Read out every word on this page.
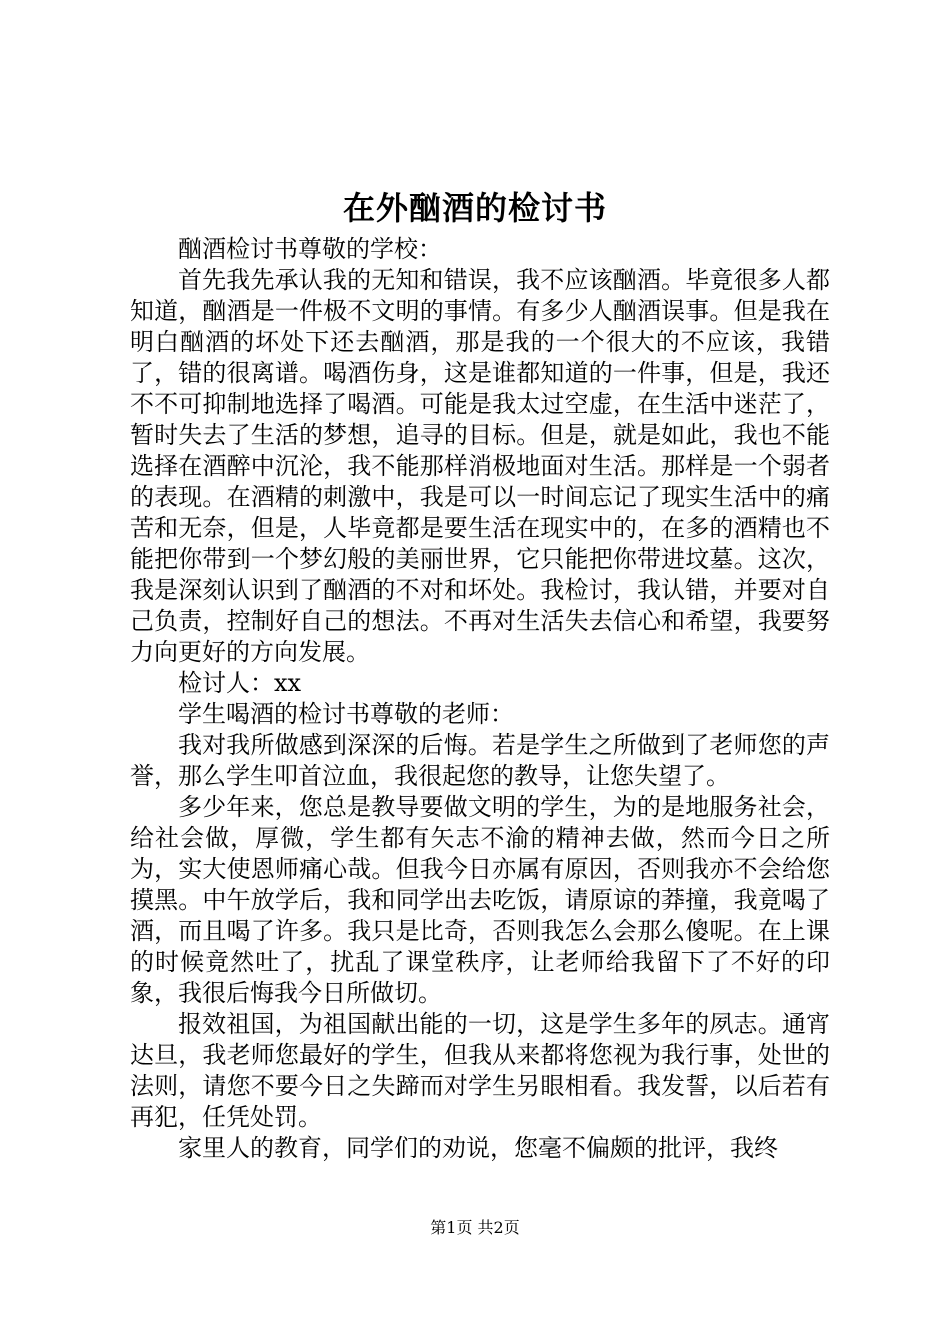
在外酗酒的检讨书

酗酒检讨书尊敬的学校：

首先我先承认我的无知和错误，我不应该酗酒。毕竟很多人都知道，酗酒是一件极不文明的事情。有多少人酗酒误事。但是我在明白酗酒的坏处下还去酗酒，那是我的一个很大的不应该，我错了，错的很离谱。喝酒伤身，这是谁都知道的一件事，但是，我还不不可抑制地选择了喝酒。可能是我太过空虚，在生活中迷茫了，暂时失去了生活的梦想，追寻的目标。但是，就是如此，我也不能选择在酒醉中沉沦，我不能那样消极地面对生活。那样是一个弱者的表现。在酒精的刺激中，我是可以一时间忘记了现实生活中的痛苦和无奈，但是，人毕竟都是要生活在现实中的，在多的酒精也不能把你带到一个梦幻般的美丽世界，它只能把你带进坟墓。这次，我是深刻认识到了酗酒的不对和坏处。我检讨，我认错，并要对自己负责，控制好自己的想法。不再对生活失去信心和希望，我要努力向更好的方向发展。

检讨人：xx

学生喝酒的检讨书尊敬的老师：

我对我所做感到深深的后悔。若是学生之所做到了老师您的声誉，那么学生叩首泣血，我很起您的教导，让您失望了。

多少年来，您总是教导要做文明的学生，为的是地服务社会，给社会做，厚微，学生都有矢志不渝的精神去做，然而今日之所为，实大使恩师痛心哉。但我今日亦属有原因，否则我亦不会给您摸黑。中午放学后，我和同学出去吃饭，请原谅的莽撞，我竟喝了酒，而且喝了许多。我只是比奇，否则我怎么会那么傻呢。在上课的时候竟然吐了，扰乱了课堂秩序，让老师给我留下了不好的印象，我很后悔我今日所做切。

报效祖国，为祖国献出能的一切，这是学生多年的夙志。通宵达旦，我老师您最好的学生，但我从来都将您视为我行事，处世的法则，请您不要今日之失蹄而对学生另眼相看。我发誓，以后若有再犯，任凭处罚。

家里人的教育，同学们的劝说，您毫不偏颇的批评，我终

第1页 共2页
